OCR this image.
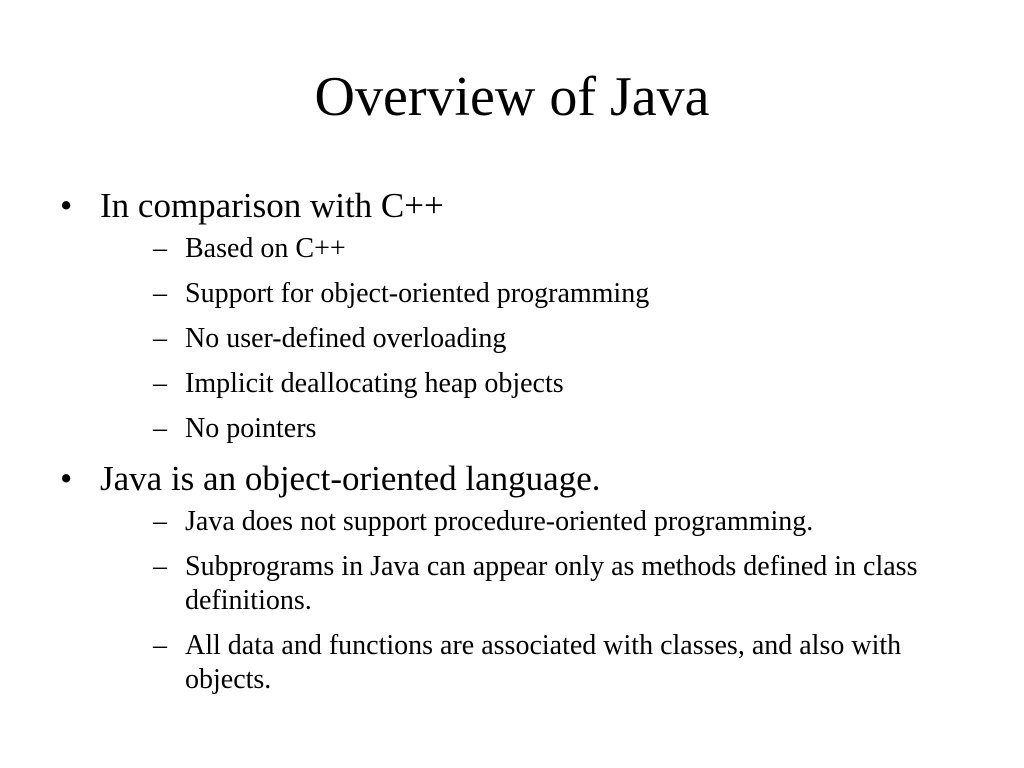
Overview of Java
• In comparison with C++
– Based on C++
– Support for object-oriented programming
– No user-defined overloading
– Implicit deallocating heap objects
– No pointers
• Java is an object-oriented language.
– Java does not support procedure-oriented programming.
– Subprograms in Java can appear only as methods defined in class definitions.
– All data and functions are associated with classes, and also with objects.
